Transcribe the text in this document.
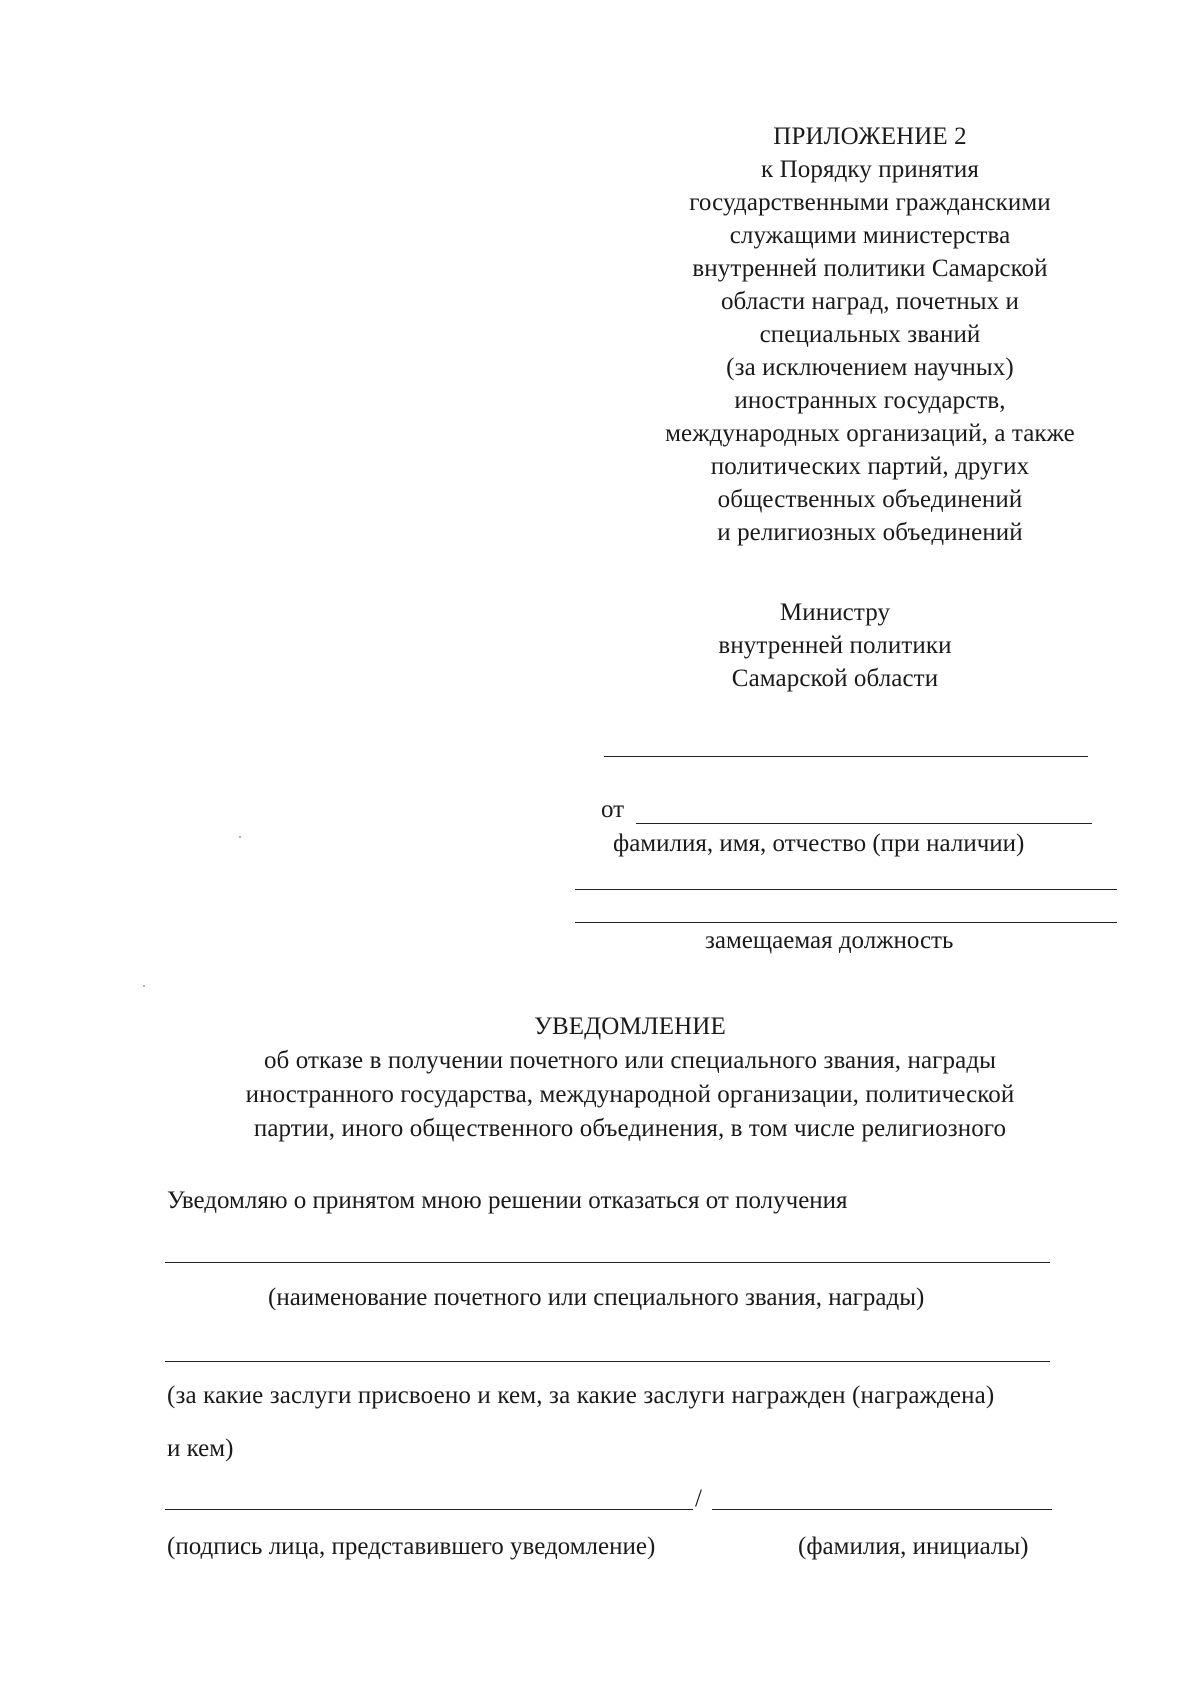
ПРИЛОЖЕНИЕ 2
к Порядку принятия
государственными гражданскими
служащими министерства
внутренней политики Самарской
области наград, почетных и
специальных званий
(за исключением научных)
иностранных государств,
международных организаций, а также
политических партий, других
общественных объединений
и религиозных объединений
Министру
внутренней политики
Самарской области
от
фамилия, имя, отчество (при наличии)
замещаемая должность
УВЕДОМЛЕНИЕ
об отказе в получении почетного или специального звания, награды
иностранного государства, международной организации, политической
партии, иного общественного объединения, в том числе религиозного
Уведомляю о принятом мною решении отказаться от получения
(наименование почетного или специального звания, награды)
(за какие заслуги присвоено и кем, за какие заслуги награжден (награждена)
и кем)
/
(подпись лица, представившего уведомление)	(фамилия, инициалы)
